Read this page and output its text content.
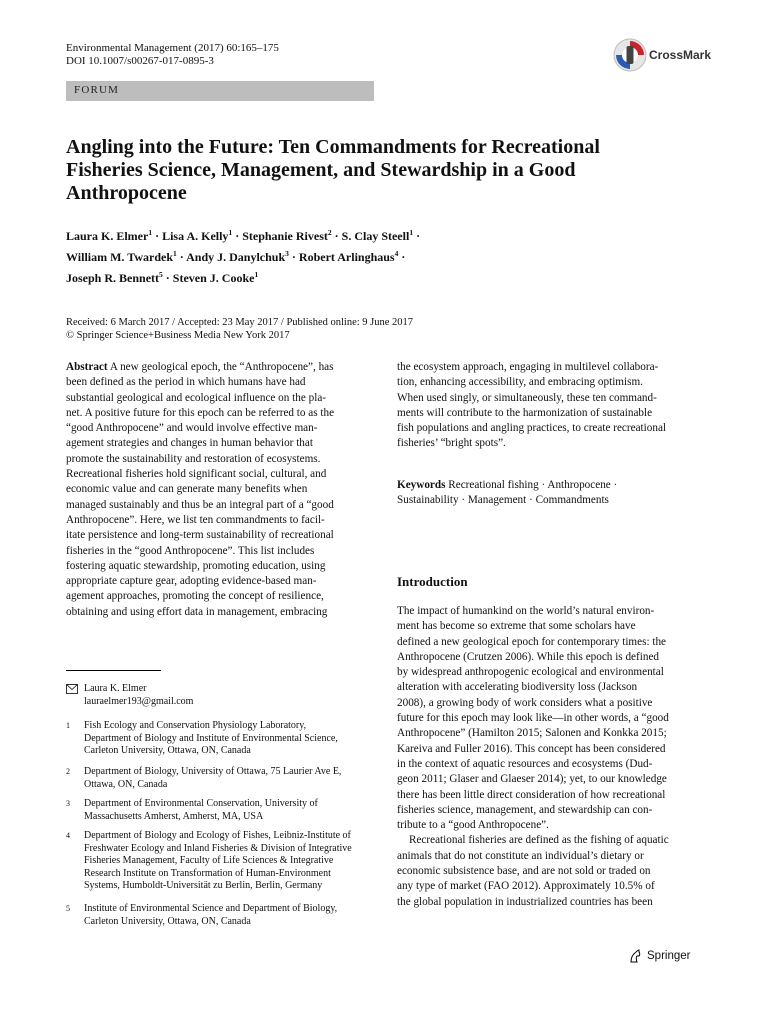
Environmental Management (2017) 60:165–175
DOI 10.1007/s00267-017-0895-3	CrossMark
FORUM
Angling into the Future: Ten Commandments for Recreational Fisheries Science, Management, and Stewardship in a Good Anthropocene
Laura K. Elmer$^1$ · Lisa A. Kelly$^1$ · Stephanie Rivest$^2$ · S. Clay Steell$^1$ ·
William M. Twardek$^1$ · Andy J. Danylchuk$^3$ · Robert Arlinghaus$^4$ ·
Joseph R. Bennett$^5$ · Steven J. Cooke$^1$
Received: 6 March 2017 / Accepted: 23 May 2017 / Published online: 9 June 2017
© Springer Science+Business Media New York 2017

Abstract A new geological epoch, the “Anthropocene”, has

been defined as the period in which humans have had

substantial geological and ecological influence on the pla-

net. A positive future for this epoch can be referred to as the

“good Anthropocene” and would involve effective man-

agement strategies and changes in human behavior that

promote the sustainability and restoration of ecosystems.

Recreational fisheries hold significant social, cultural, and

economic value and can generate many benefits when

managed sustainably and thus be an integral part of a “good

Anthropocene”. Here, we list ten commandments to facil-

itate persistence and long-term sustainability of recreational

fisheries in the “good Anthropocene”. This list includes

fostering aquatic stewardship, promoting education, using

appropriate capture gear, adopting evidence-based man-

agement approaches, promoting the concept of resilience,

obtaining and using effort data in management, embracing

the ecosystem approach, engaging in multilevel collabora-

tion, enhancing accessibility, and embracing optimism.

When used singly, or simultaneously, these ten command-

ments will contribute to the harmonization of sustainable

fish populations and angling practices, to create recreational

fisheries’ “bright spots”.

Keywords Recreational fishing · Anthropocene ·

Sustainability · Management · Commandments

Introduction

The impact of humankind on the world’s natural environ-

ment has become so extreme that some scholars have

defined a new geological epoch for contemporary times: the

Anthropocene (Crutzen 2006). While this epoch is defined

by widespread anthropogenic ecological and environmental

alteration with accelerating biodiversity loss (Jackson

2008), a growing body of work considers what a positive

future for this epoch may look like—in other words, a “good

Anthropocene” (Hamilton 2015; Salonen and Konkka 2015;

Kareiva and Fuller 2016). This concept has been considered

in the context of aquatic resources and ecosystems (Dud-

geon 2011; Glaser and Glaeser 2014); yet, to our knowledge

there has been little direct consideration of how recreational

fisheries science, management, and stewardship can con-

tribute to a “good Anthropocene”.

Recreational fisheries are defined as the fishing of aquatic

animals that do not constitute an individual’s dietary or

economic subsistence base, and are not sold or traded on

any type of market (FAO 2012). Approximately 10.5% of

the global population in industrialized countries has been

Laura K. Elmer
lauraelmer193@gmail.com
1 Fish Ecology and Conservation Physiology Laboratory,
Department of Biology and Institute of Environmental Science,
Carleton University, Ottawa, ON, Canada
2 Department of Biology, University of Ottawa, 75 Laurier Ave E,
Ottawa, ON, Canada
3 Department of Environmental Conservation, University of
Massachusetts Amherst, Amherst, MA, USA
4 Department of Biology and Ecology of Fishes, Leibniz-Institute of
Freshwater Ecology and Inland Fisheries & Division of Integrative
Fisheries Management, Faculty of Life Sciences & Integrative
Research Institute on Transformation of Human-Environment
Systems, Humboldt-Universität zu Berlin, Berlin, Germany
5 Institute of Environmental Science and Department of Biology,
Carleton University, Ottawa, ON, Canada
Springer
